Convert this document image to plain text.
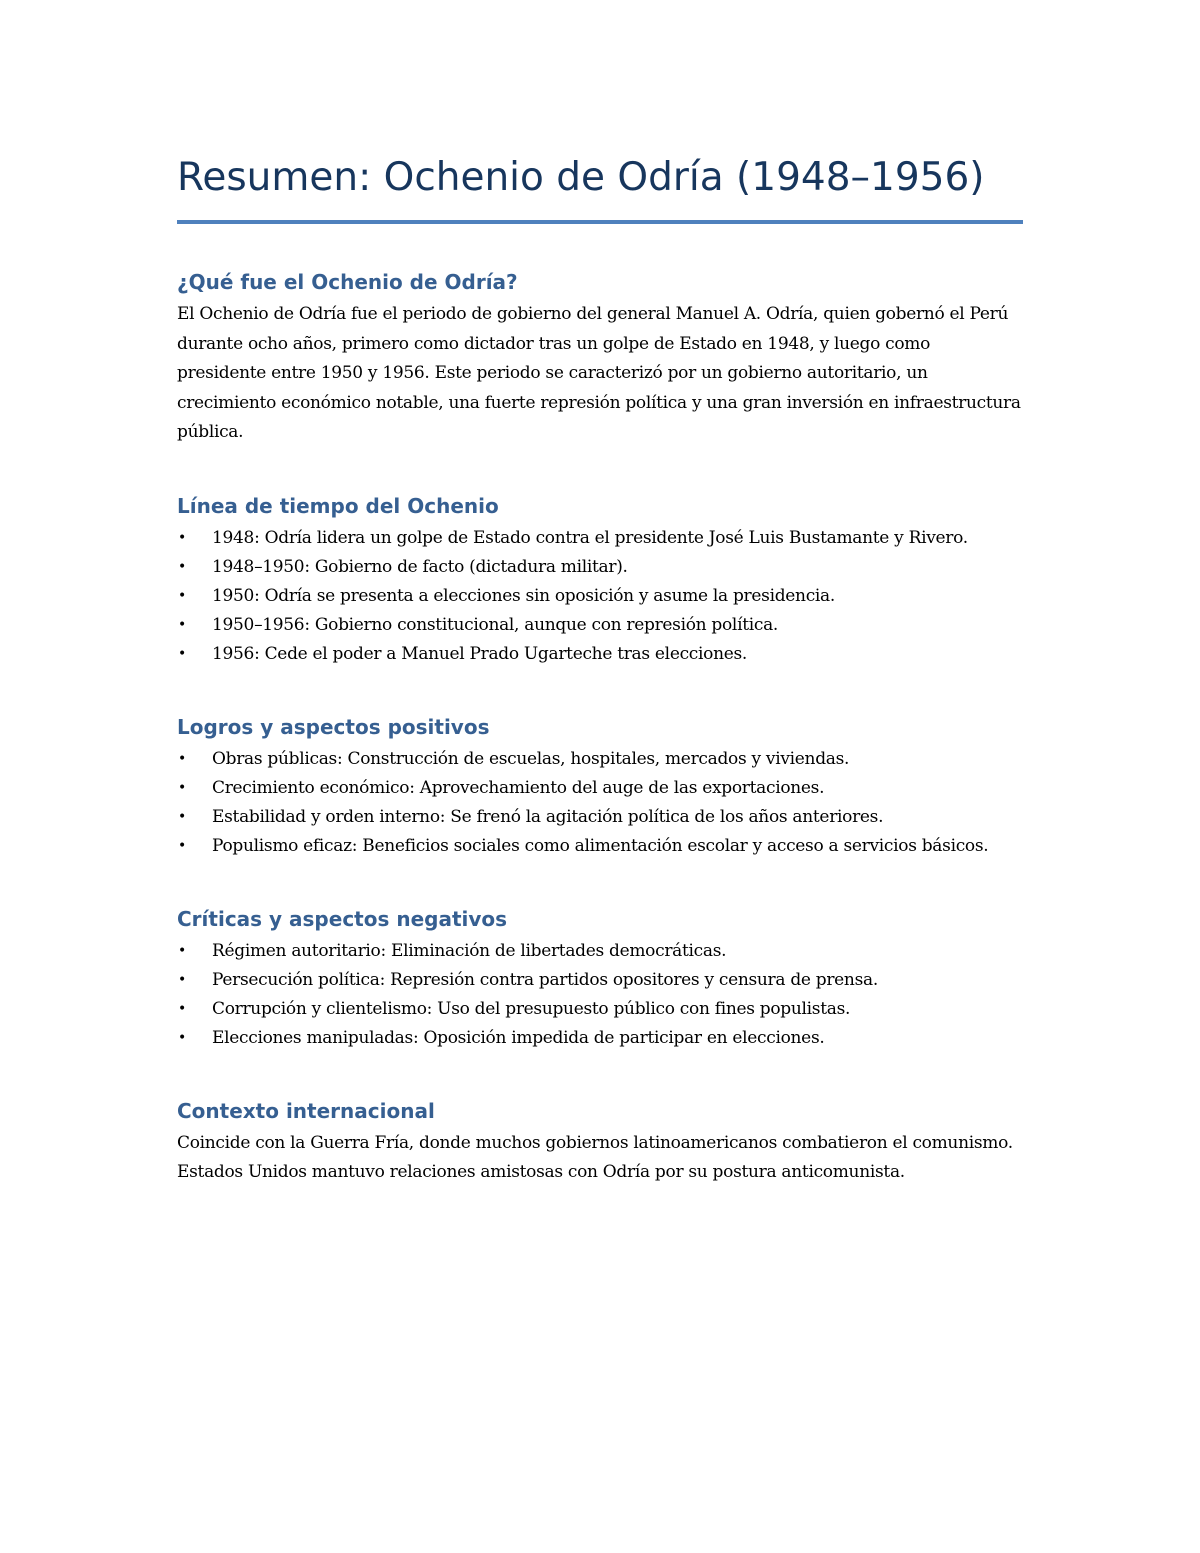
Resumen: Ochenio de Odría (1948–1956)
¿Qué fue el Ochenio de Odría?

El Ochenio de Odría fue el periodo de gobierno del general Manuel A. Odría, quien gobernó el Perú durante ocho años, primero como dictador tras un golpe de Estado en 1948, y luego como presidente entre 1950 y 1956. Este periodo se caracterizó por un gobierno autoritario, un crecimiento económico notable, una fuerte represión política y una gran inversión en infraestructura pública.

Línea de tiempo del Ochenio
• 1948: Odría lidera un golpe de Estado contra el presidente José Luis Bustamante y Rivero.
• 1948–1950: Gobierno de facto (dictadura militar).
• 1950: Odría se presenta a elecciones sin oposición y asume la presidencia.
• 1950–1956: Gobierno constitucional, aunque con represión política.
• 1956: Cede el poder a Manuel Prado Ugarteche tras elecciones.
Logros y aspectos positivos
• Obras públicas: Construcción de escuelas, hospitales, mercados y viviendas.
• Crecimiento económico: Aprovechamiento del auge de las exportaciones.
• Estabilidad y orden interno: Se frenó la agitación política de los años anteriores.
• Populismo eficaz: Beneficios sociales como alimentación escolar y acceso a servicios básicos.
Críticas y aspectos negativos
• Régimen autoritario: Eliminación de libertades democráticas.
• Persecución política: Represión contra partidos opositores y censura de prensa.
• Corrupción y clientelismo: Uso del presupuesto público con fines populistas.
• Elecciones manipuladas: Oposición impedida de participar en elecciones.
Contexto internacional

Coincide con la Guerra Fría, donde muchos gobiernos latinoamericanos combatieron el comunismo. Estados Unidos mantuvo relaciones amistosas con Odría por su postura anticomunista.
